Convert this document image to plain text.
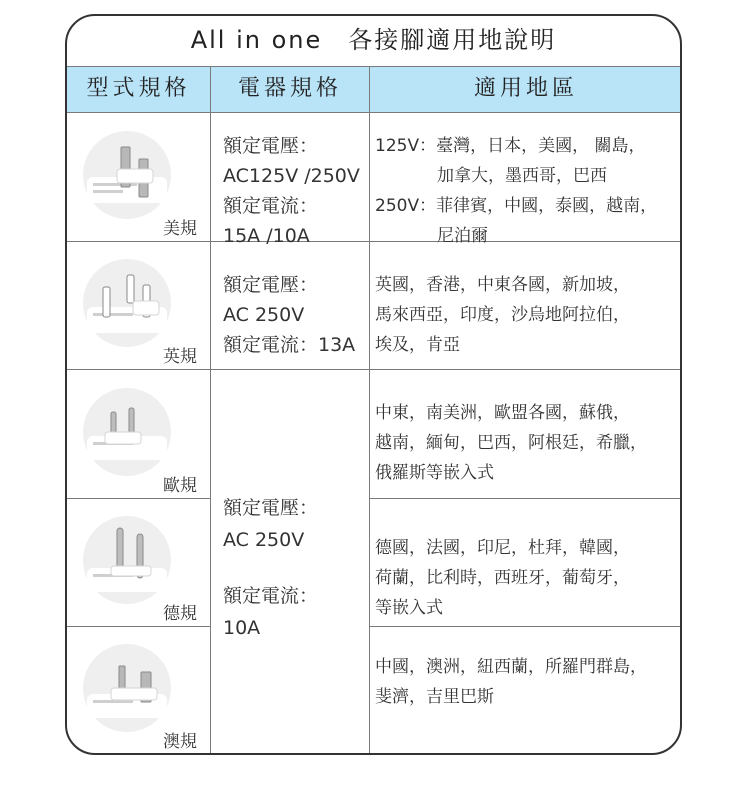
All in one　各接腳適用地說明
型式規格	電器規格	適用地區
美規
額定電壓：
AC125V /250V
額定電流：
15A /10A
125V：臺灣，日本，美國， 關島，
加拿大，墨西哥，巴西
250V：菲律賓，中國，泰國，越南，
尼泊爾
英規
額定電壓：
AC 250V
額定電流：13A
英國，香港，中東各國，新加坡，
馬來西亞，印度，沙烏地阿拉伯，
埃及，肯亞
歐規
中東，南美洲，歐盟各國，蘇俄，
越南，緬甸，巴西，阿根廷，希臘，
俄羅斯等嵌入式
德規
德國，法國，印尼，杜拜，韓國，
荷蘭，比利時，西班牙，葡萄牙，
等嵌入式
澳規
中國，澳洲，紐西蘭，所羅門群島，
斐濟，吉里巴斯
額定電壓：
AC 250V
額定電流：
10A
